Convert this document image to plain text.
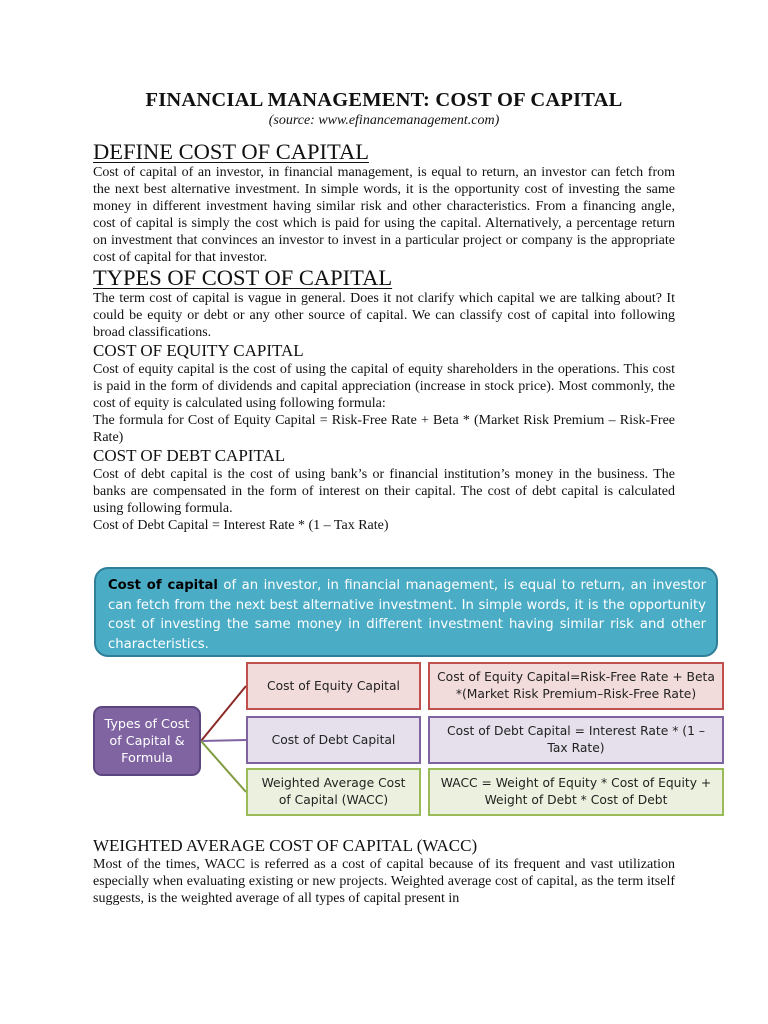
FINANCIAL MANAGEMENT: COST OF CAPITAL

(source: www.efinancemanagement.com)

DEFINE COST OF CAPITAL

Cost of capital of an investor, in financial management, is equal to return, an investor can fetch from the next best alternative investment. In simple words, it is the opportunity cost of investing the same money in different investment having similar risk and other characteristics. From a financing angle, cost of capital is simply the cost which is paid for using the capital. Alternatively, a percentage return on investment that convinces an investor to invest in a particular project or company is the appropriate cost of capital for that investor.

TYPES OF COST OF CAPITAL

The term cost of capital is vague in general. Does it not clarify which capital we are talking about? It could be equity or debt or any other source of capital. We can classify cost of capital into following broad classifications.

COST OF EQUITY CAPITAL

Cost of equity capital is the cost of using the capital of equity shareholders in the operations. This cost is paid in the form of dividends and capital appreciation (increase in stock price). Most commonly, the cost of equity is calculated using following formula:

The formula for Cost of Equity Capital = Risk-Free Rate + Beta * (Market Risk Premium – Risk-Free Rate)

COST OF DEBT CAPITAL

Cost of debt capital is the cost of using bank’s or financial institution’s money in the business. The banks are compensated in the form of interest on their capital. The cost of debt capital is calculated using following formula.

Cost of Debt Capital = Interest Rate * (1 – Tax Rate)

Cost of capital of an investor, in financial management, is equal to return, an investor can fetch from the next best alternative investment. In simple words, it is the opportunity cost of investing the same money in different investment having similar risk and other characteristics.
Types of Cost of Capital & Formula
Cost of Equity Capital
Cost of Debt Capital
Weighted Average Cost of Capital (WACC)
Cost of Equity Capital=Risk-Free Rate + Beta *(Market Risk Premium–Risk-Free Rate)
Cost of Debt Capital = Interest Rate * (1 – Tax Rate)
WACC = Weight of Equity * Cost of Equity + Weight of Debt * Cost of Debt

WEIGHTED AVERAGE COST OF CAPITAL (WACC)

Most of the times, WACC is referred as a cost of capital because of its frequent and vast utilization especially when evaluating existing or new projects. Weighted average cost of capital, as the term itself suggests, is the weighted average of all types of capital present in
